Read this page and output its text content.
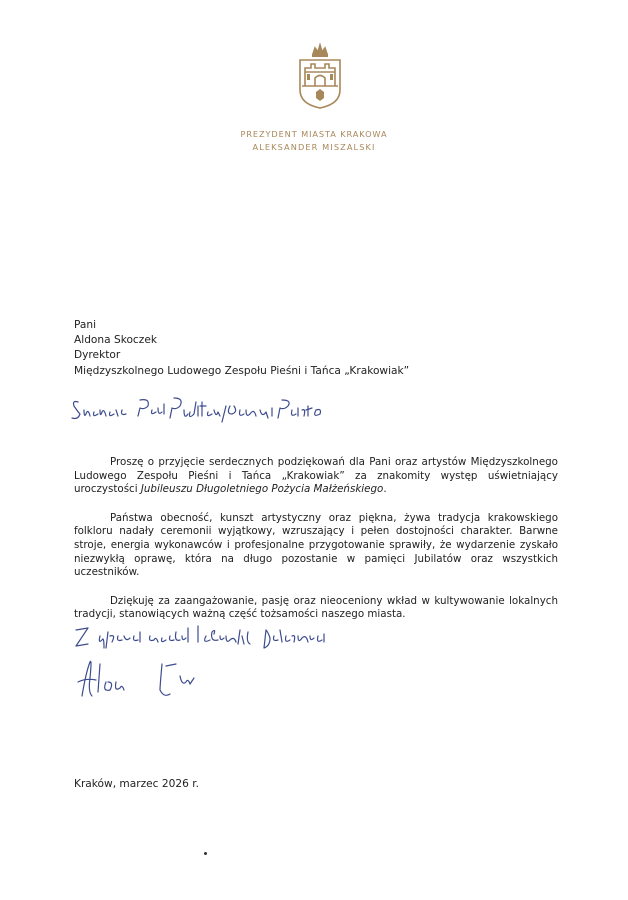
PREZYDENT MIASTA KRAKOWA
ALEKSANDER MISZALSKI
Pani
Aldona Skoczek
Dyrektor
Międzyszkolnego Ludowego Zespołu Pieśni i Tańca „Krakowiak”

Proszę o przyjęcie serdecznych podziękowań dla Pani oraz artystów Międzyszkolnego Ludowego Zespołu Pieśni i Tańca „Krakowiak” za znakomity występ uświetniający uroczystości Jubileuszu Długoletniego Pożycia Małżeńskiego.

Państwa obecność, kunszt artystyczny oraz piękna, żywa tradycja krakowskiego folkloru nadały ceremonii wyjątkowy, wzruszający i pełen dostojności charakter. Barwne stroje, energia wykonawców i profesjonalne przygotowanie sprawiły, że wydarzenie zyskało niezwykłą oprawę, która na długo pozostanie w pamięci Jubilatów oraz wszystkich uczestników.

Dziękuję za zaangażowanie, pasję oraz nieoceniony wkład w kultywowanie lokalnych tradycji, stanowiących ważną część tożsamości naszego miasta.

Kraków, marzec 2026 r.
